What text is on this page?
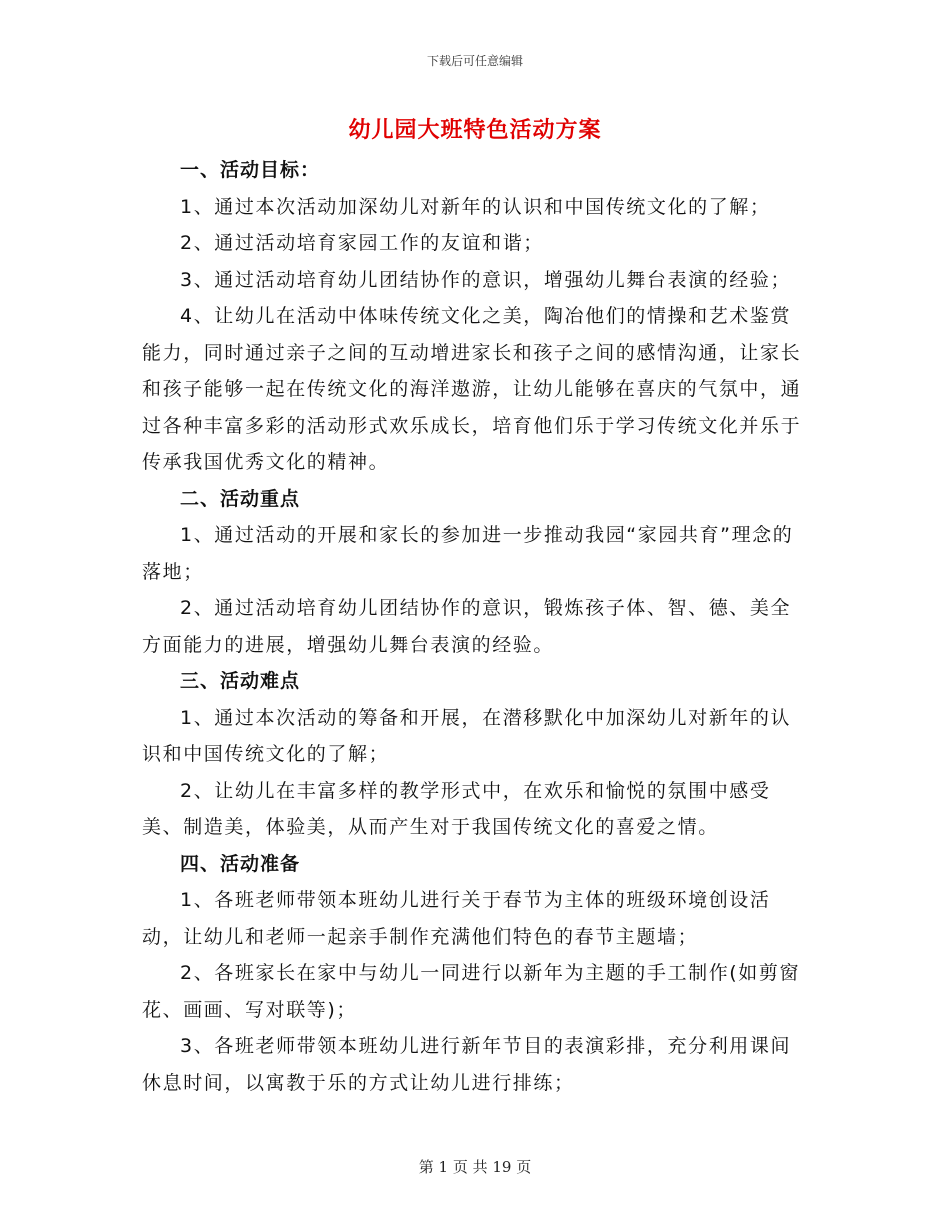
下载后可任意编辑
幼儿园大班特色活动方案

一、活动目标：

1、通过本次活动加深幼儿对新年的认识和中国传统文化的了解；

2、通过活动培育家园工作的友谊和谐；

3、通过活动培育幼儿团结协作的意识，增强幼儿舞台表演的经验；

4、让幼儿在活动中体味传统文化之美，陶冶他们的情操和艺术鉴赏能力，同时通过亲子之间的互动增进家长和孩子之间的感情沟通，让家长和孩子能够一起在传统文化的海洋遨游，让幼儿能够在喜庆的气氛中，通过各种丰富多彩的活动形式欢乐成长，培育他们乐于学习传统文化并乐于传承我国优秀文化的精神。

二、活动重点

1、通过活动的开展和家长的参加进一步推动我园“家园共育”理念的落地；

2、通过活动培育幼儿团结协作的意识，锻炼孩子体、智、德、美全方面能力的进展，增强幼儿舞台表演的经验。

三、活动难点

1、通过本次活动的筹备和开展，在潜移默化中加深幼儿对新年的认识和中国传统文化的了解；

2、让幼儿在丰富多样的教学形式中，在欢乐和愉悦的氛围中感受美、制造美，体验美，从而产生对于我国传统文化的喜爱之情。

四、活动准备

1、各班老师带领本班幼儿进行关于春节为主体的班级环境创设活动，让幼儿和老师一起亲手制作充满他们特色的春节主题墙；

2、各班家长在家中与幼儿一同进行以新年为主题的手工制作(如剪窗花、画画、写对联等)；

3、各班老师带领本班幼儿进行新年节目的表演彩排，充分利用课间休息时间，以寓教于乐的方式让幼儿进行排练；

第 1 页 共 19 页
